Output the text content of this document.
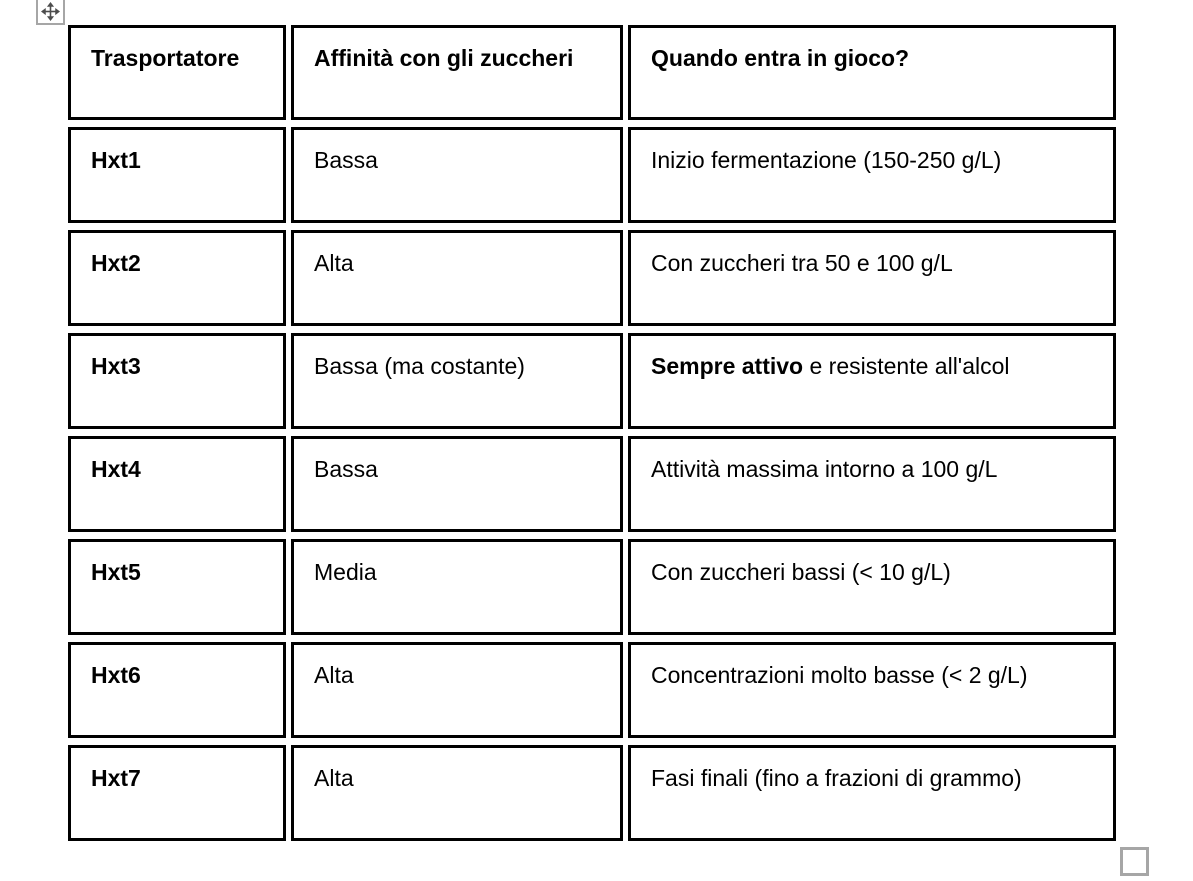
Trasportatore	Affinità con gli zuccheri	Quando entra in gioco?
Hxt1	Bassa	Inizio fermentazione (150-250 g/L)
Hxt2	Alta	Con zuccheri tra 50 e 100 g/L
Hxt3	Bassa (ma costante)	Sempre attivo e resistente all'alcol
Hxt4	Bassa	Attività massima intorno a 100 g/L
Hxt5	Media	Con zuccheri bassi (< 10 g/L)
Hxt6	Alta	Concentrazioni molto basse (< 2 g/L)
Hxt7	Alta	Fasi finali (fino a frazioni di grammo)
